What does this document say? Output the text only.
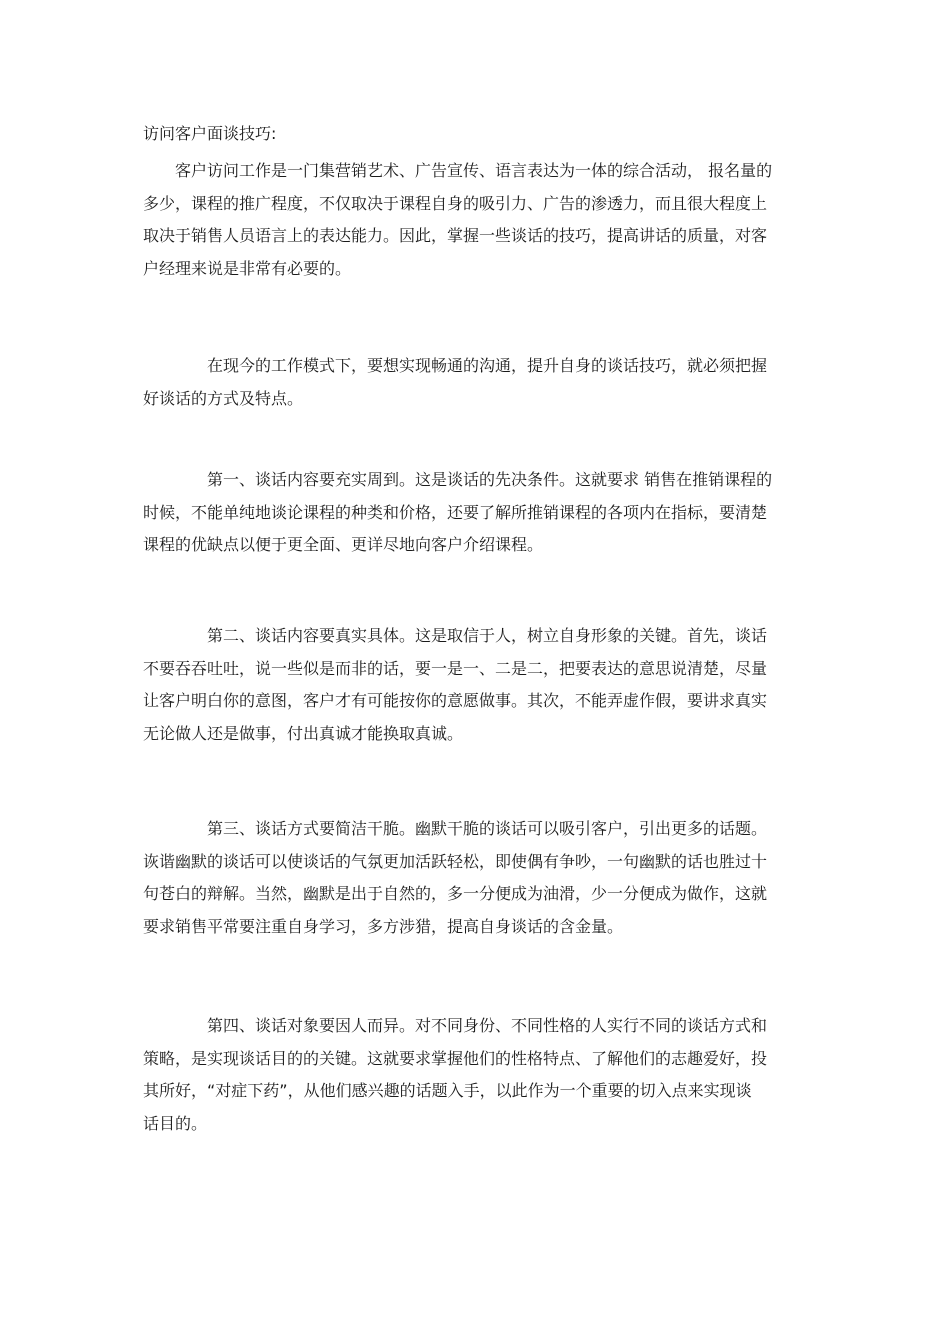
访问客户面谈技巧:

客户访问工作是一门集营销艺术、广告宣传、语言表达为一体的综合活动， 报名量的
多少，课程的推广程度，不仅取决于课程自身的吸引力、广告的渗透力，而且很大程度上
取决于销售人员语言上的表达能力。因此，掌握一些谈话的技巧，提高讲话的质量，对客
户经理来说是非常有必要的。

在现今的工作模式下，要想实现畅通的沟通，提升自身的谈话技巧，就必须把握
好谈话的方式及特点。

第一、谈话内容要充实周到。这是谈话的先决条件。这就要求 销售在推销课程的
时候，不能单纯地谈论课程的种类和价格，还要了解所推销课程的各项内在指标，要清楚
课程的优缺点以便于更全面、更详尽地向客户介绍课程。

第二、谈话内容要真实具体。这是取信于人，树立自身形象的关键。首先，谈话
不要吞吞吐吐，说一些似是而非的话，要一是一、二是二，把要表达的意思说清楚，尽量
让客户明白你的意图，客户才有可能按你的意愿做事。其次，不能弄虚作假，要讲求真实
无论做人还是做事，付出真诚才能换取真诚。

第三、谈话方式要简洁干脆。幽默干脆的谈话可以吸引客户，引出更多的话题。
诙谐幽默的谈话可以使谈话的气氛更加活跃轻松，即使偶有争吵，一句幽默的话也胜过十
句苍白的辩解。当然，幽默是出于自然的，多一分便成为油滑，少一分便成为做作，这就
要求销售平常要注重自身学习，多方涉猎，提高自身谈话的含金量。

第四、谈话对象要因人而异。对不同身份、不同性格的人实行不同的谈话方式和
策略，是实现谈话目的的关键。这就要求掌握他们的性格特点、了解他们的志趣爱好，投
其所好，“对症下药”，从他们感兴趣的话题入手，以此作为一个重要的切入点来实现谈
话目的。
